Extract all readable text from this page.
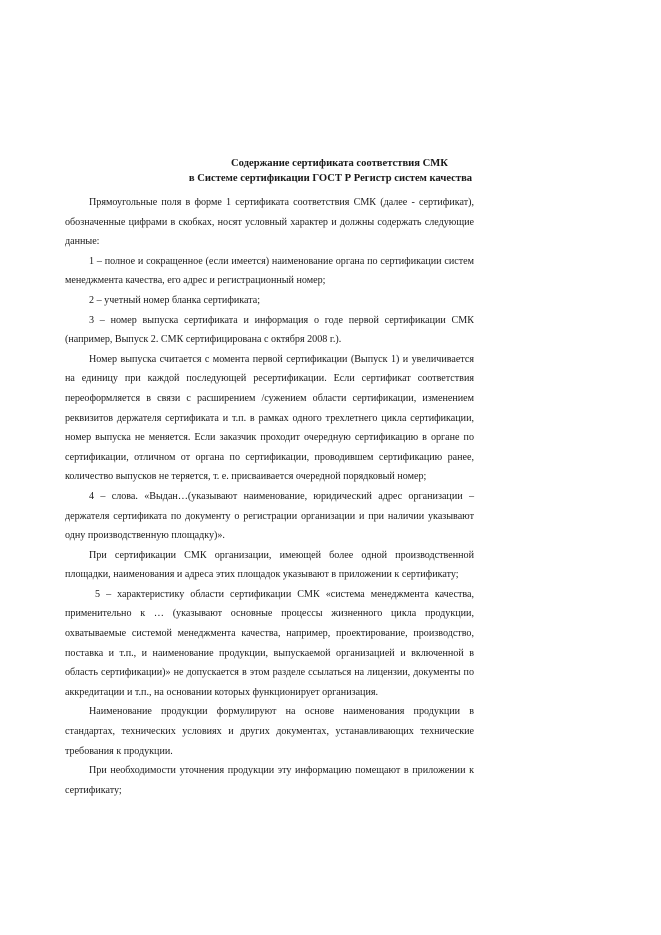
Содержание сертификата соответствия СМК
в Системе сертификации ГОСТ Р Регистр систем качества

Прямоугольные поля в форме 1 сертификата соответствия СМК (далее - сертификат), обозначенные цифрами в скобках, носят условный характер и должны содержать следующие данные:

1 – полное и сокращенное (если имеется) наименование органа по сертификации систем менеджмента качества, его адрес и регистрационный номер;

2 – учетный номер бланка сертификата;

3 – номер выпуска сертификата и информация о годе первой сертификации СМК (например, Выпуск 2. СМК сертифицирована с октября 2008 г.).

Номер выпуска считается с момента первой сертификации (Выпуск 1) и увеличивается на единицу при каждой последующей ресертификации. Если сертификат соответствия переоформляется в связи с расширением /сужением области сертификации, изменением реквизитов держателя сертификата и т.п. в рамках одного трехлетнего цикла сертификации, номер выпуска не меняется. Если заказчик проходит очередную сертификацию в органе по сертификации, отличном от органа по сертификации, проводившем сертификацию ранее, количество выпусков не теряется, т. е. присваивается очередной порядковый номер;

4 – слова. «Выдан…(указывают наименование, юридический адрес организации – держателя сертификата по документу о регистрации организации и при наличии указывают одну производственную площадку)».

При сертификации СМК организации, имеющей более одной производственной площадки, наименования и адреса этих площадок указывают в приложении к сертификату;

5 – характеристику области сертификации СМК «система менеджмента качества, применительно к … (указывают основные процессы жизненного цикла продукции, охватываемые системой менеджмента качества, например, проектирование, производство, поставка и т.п., и наименование продукции, выпускаемой организацией и включенной в область сертификации)» не допускается в этом разделе ссылаться на лицензии, документы по аккредитации и т.п., на основании которых функционирует организация.

Наименование продукции формулируют на основе наименования продукции в стандартах, технических условиях и других документах, устанавливающих технические требования к продукции.

При необходимости уточнения продукции эту информацию помещают в приложении к сертификату;
